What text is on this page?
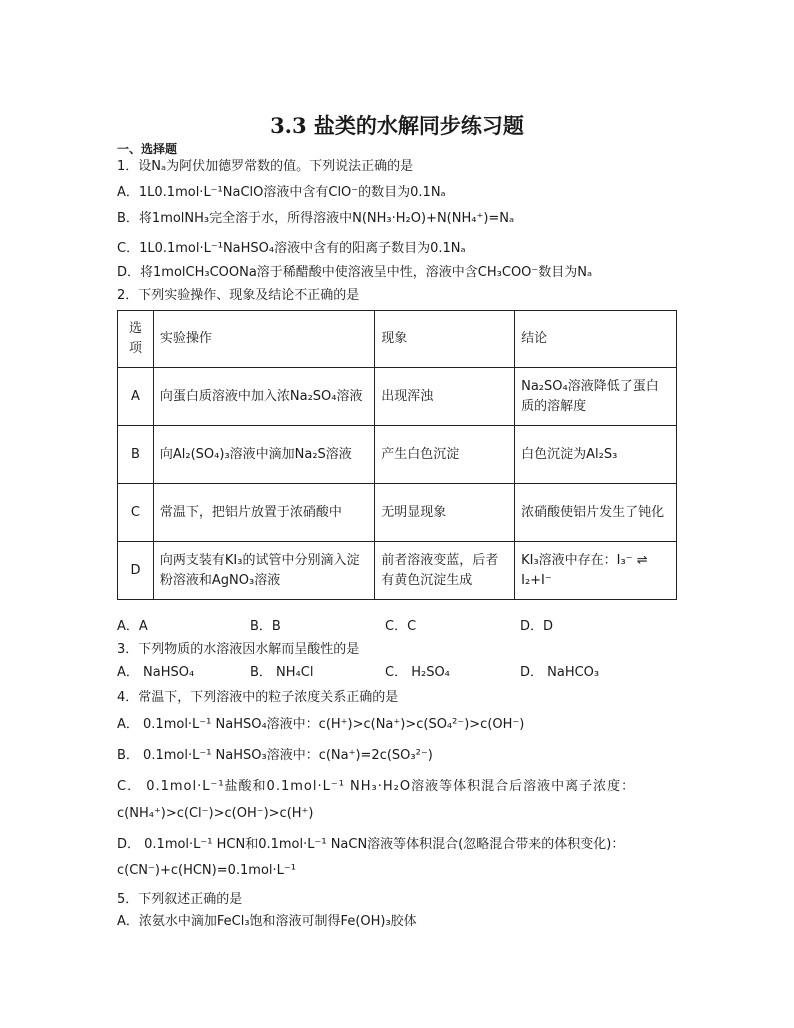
3.3 盐类的水解同步练习题
一、选择题
1．设Nₐ为阿伏加德罗常数的值。下列说法正确的是
A．1L0.1mol·L⁻¹NaClO溶液中含有ClO⁻的数目为0.1Nₐ
B．将1molNH₃完全溶于水，所得溶液中N(NH₃·H₂O)+N(NH₄⁺)=Nₐ
C．1L0.1mol·L⁻¹NaHSO₄溶液中含有的阳离子数目为0.1Nₐ
D．将1molCH₃COONa溶于稀醋酸中使溶液呈中性，溶液中含CH₃COO⁻数目为Nₐ
2．下列实验操作、现象及结论不正确的是
选项	实验操作	现象	结论
A	向蛋白质溶液中加入浓Na₂SO₄溶液	出现浑浊	Na₂SO₄溶液降低了蛋白质的溶解度
B	向Al₂(SO₄)₃溶液中滴加Na₂S溶液	产生白色沉淀	白色沉淀为Al₂S₃
C	常温下，把铝片放置于浓硝酸中	无明显现象	浓硝酸使铝片发生了钝化
D	向两支装有KI₃的试管中分别滴入淀粉溶液和AgNO₃溶液	前者溶液变蓝，后者有黄色沉淀生成	KI₃溶液中存在：I₃⁻ ⇌ I₂+I⁻
A．A	B．B	C．C	D．D
3．下列物质的水溶液因水解而呈酸性的是
A． NaHSO₄	B． NH₄Cl	C． H₂SO₄	D． NaHCO₃
4．常温下，下列溶液中的粒子浓度关系正确的是
A． 0.1mol·L⁻¹ NaHSO₄溶液中：c(H⁺)>c(Na⁺)>c(SO₄²⁻)>c(OH⁻)
B． 0.1mol·L⁻¹ NaHSO₃溶液中：c(Na⁺)=2c(SO₃²⁻)
C． 0.1mol·L⁻¹盐酸和0.1mol·L⁻¹ NH₃·H₂O溶液等体积混合后溶液中离子浓度：
c(NH₄⁺)>c(Cl⁻)>c(OH⁻)>c(H⁺)
D． 0.1mol·L⁻¹ HCN和0.1mol·L⁻¹ NaCN溶液等体积混合(忽略混合带来的体积变化)：
c(CN⁻)+c(HCN)=0.1mol·L⁻¹
5．下列叙述正确的是
A．浓氨水中滴加FeCl₃饱和溶液可制得Fe(OH)₃胶体
